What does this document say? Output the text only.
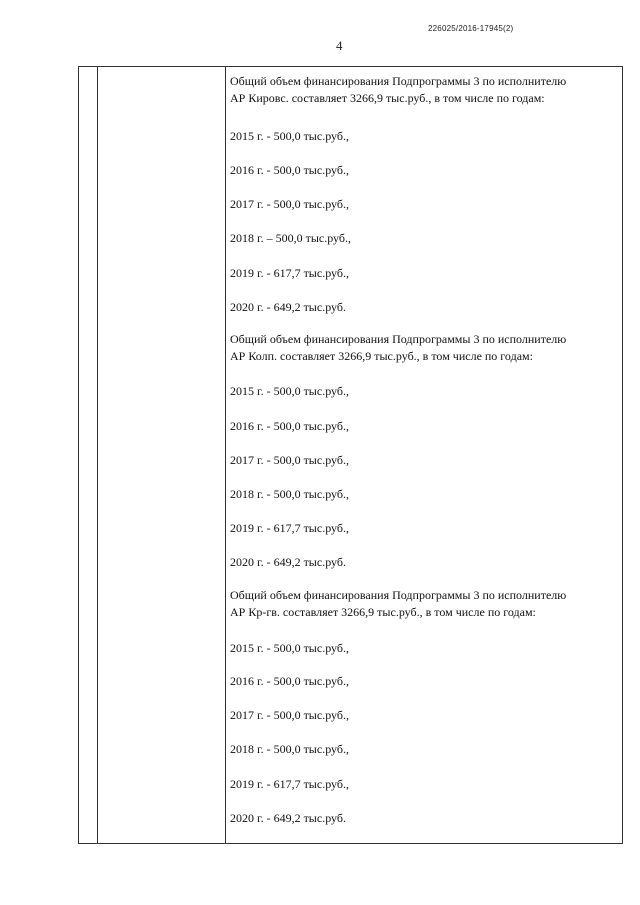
226025/2016-17945(2)
4
Общий объем финансирования Подпрограммы 3 по исполнителю
АР Кировс. составляет 3266,9 тыс.руб., в том числе по годам:
2015 г. - 500,0 тыс.руб.,
2016 г. - 500,0 тыс.руб.,
2017 г. - 500,0 тыс.руб.,
2018 г. – 500,0 тыс.руб.,
2019 г. - 617,7 тыс.руб.,
2020 г. - 649,2 тыс.руб.
Общий объем финансирования Подпрограммы 3 по исполнителю
АР Колп. составляет 3266,9 тыс.руб., в том числе по годам:
2015 г. - 500,0 тыс.руб.,
2016 г. - 500,0 тыс.руб.,
2017 г. - 500,0 тыс.руб.,
2018 г. - 500,0 тыс.руб.,
2019 г. - 617,7 тыс.руб.,
2020 г. - 649,2 тыс.руб.
Общий объем финансирования Подпрограммы 3 по исполнителю
АР Кр-гв. составляет 3266,9 тыс.руб., в том числе по годам:
2015 г. - 500,0 тыс.руб.,
2016 г. - 500,0 тыс.руб.,
2017 г. - 500,0 тыс.руб.,
2018 г. - 500,0 тыс.руб.,
2019 г. - 617,7 тыс.руб.,
2020 г. - 649,2 тыс.руб.
